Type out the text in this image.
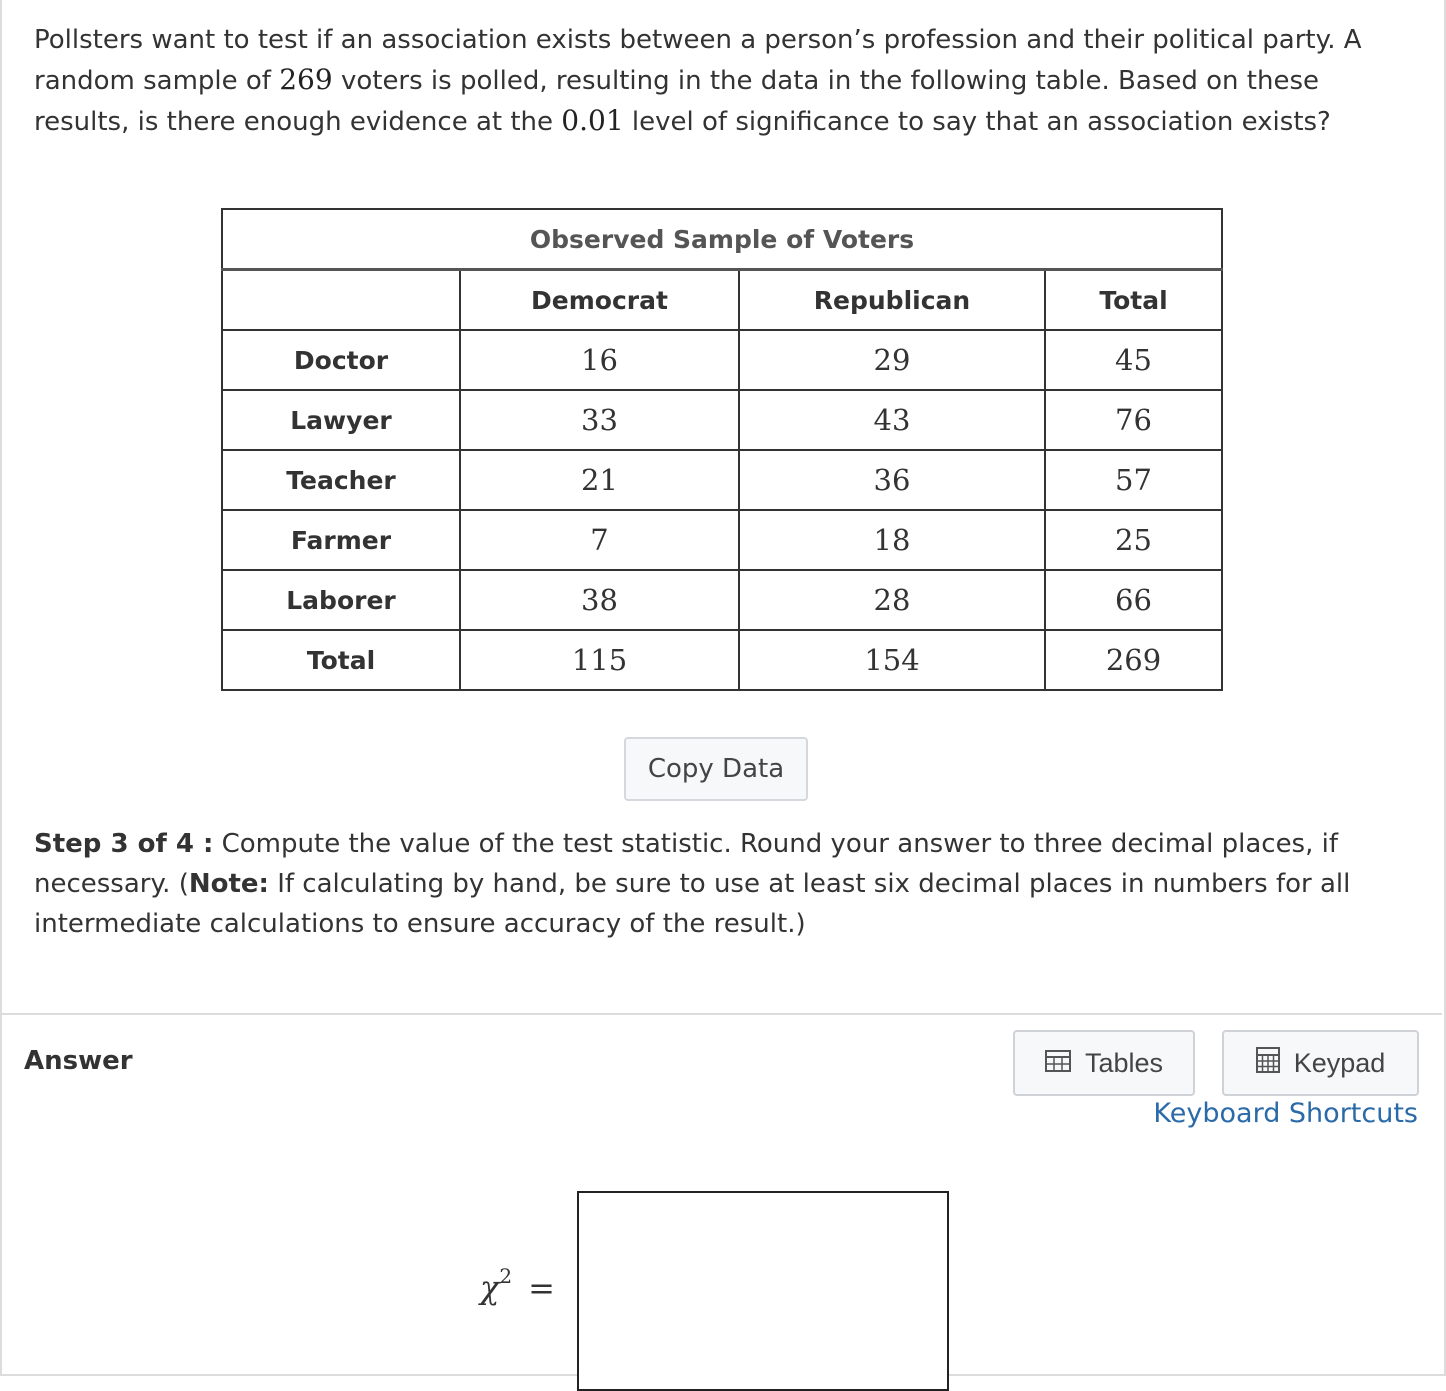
Pollsters want to test if an association exists between a person’s profession and their political party. A random sample of 269 voters is polled, resulting in the data in the following table. Based on these results, is there enough evidence at the 0.01 level of significance to say that an association exists?
Observed Sample of Voters			
	Democrat	Republican	Total
Doctor	16	29	45
Lawyer	33	43	76
Teacher	21	36	57
Farmer	7	18	25
Laborer	38	28	66
Total	115	154	269
Copy Data
Step 3 of 4 : Compute the value of the test statistic. Round your answer to three decimal places, if necessary. (Note: If calculating by hand, be sure to use at least six decimal places in numbers for all intermediate calculations to ensure accuracy of the result.)
Answer	Tables	Keypad
Keyboard Shortcuts
$\chi^2$ =
